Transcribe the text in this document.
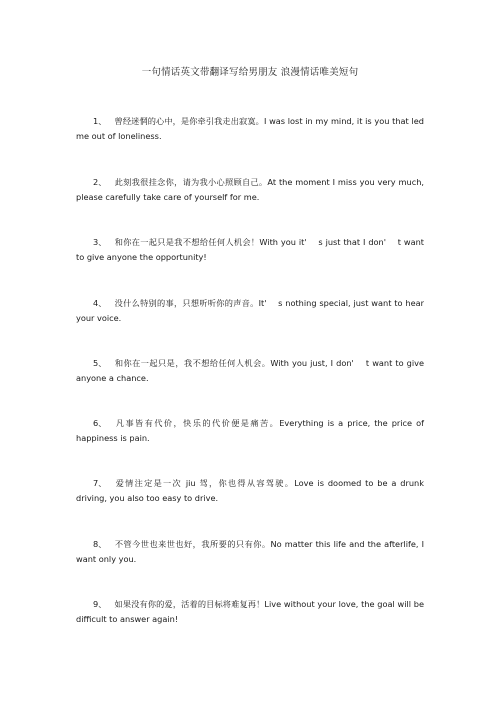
一句情话英文带翻译写给男朋友 浪漫情话唯美短句
1、 曾经迷惘的心中，是你牵引我走出寂寞。I was lost in my mind, it is you that led me out of loneliness.
2、 此刻我很挂念你，请为我小心照顾自己。At the moment I miss you very much, please carefully take care of yourself for me.
3、 和你在一起只是我不想给任何人机会！With you it'　 s just that I don'　 t want to give anyone the opportunity!
4、 没什么特别的事，只想听听你的声音。It'　 s nothing special, just want to hear your voice.
5、 和你在一起只是，我不想给任何人机会。With you just, I don'　 t want to give anyone a chance.
6、 凡事皆有代价，快乐的代价便是痛苦。Everything is a price, the price of happiness is pain.
7、 爱情注定是一次 jiu 驾，你也得从容驾驶。Love is doomed to be a drunk driving, you also too easy to drive.
8、 不管今世也来世也好，我所要的只有你。No matter this life and the afterlife, I want only you.
9、 如果没有你的爱，活着的目标将难复再！Live without your love, the goal will be difficult to answer again!
